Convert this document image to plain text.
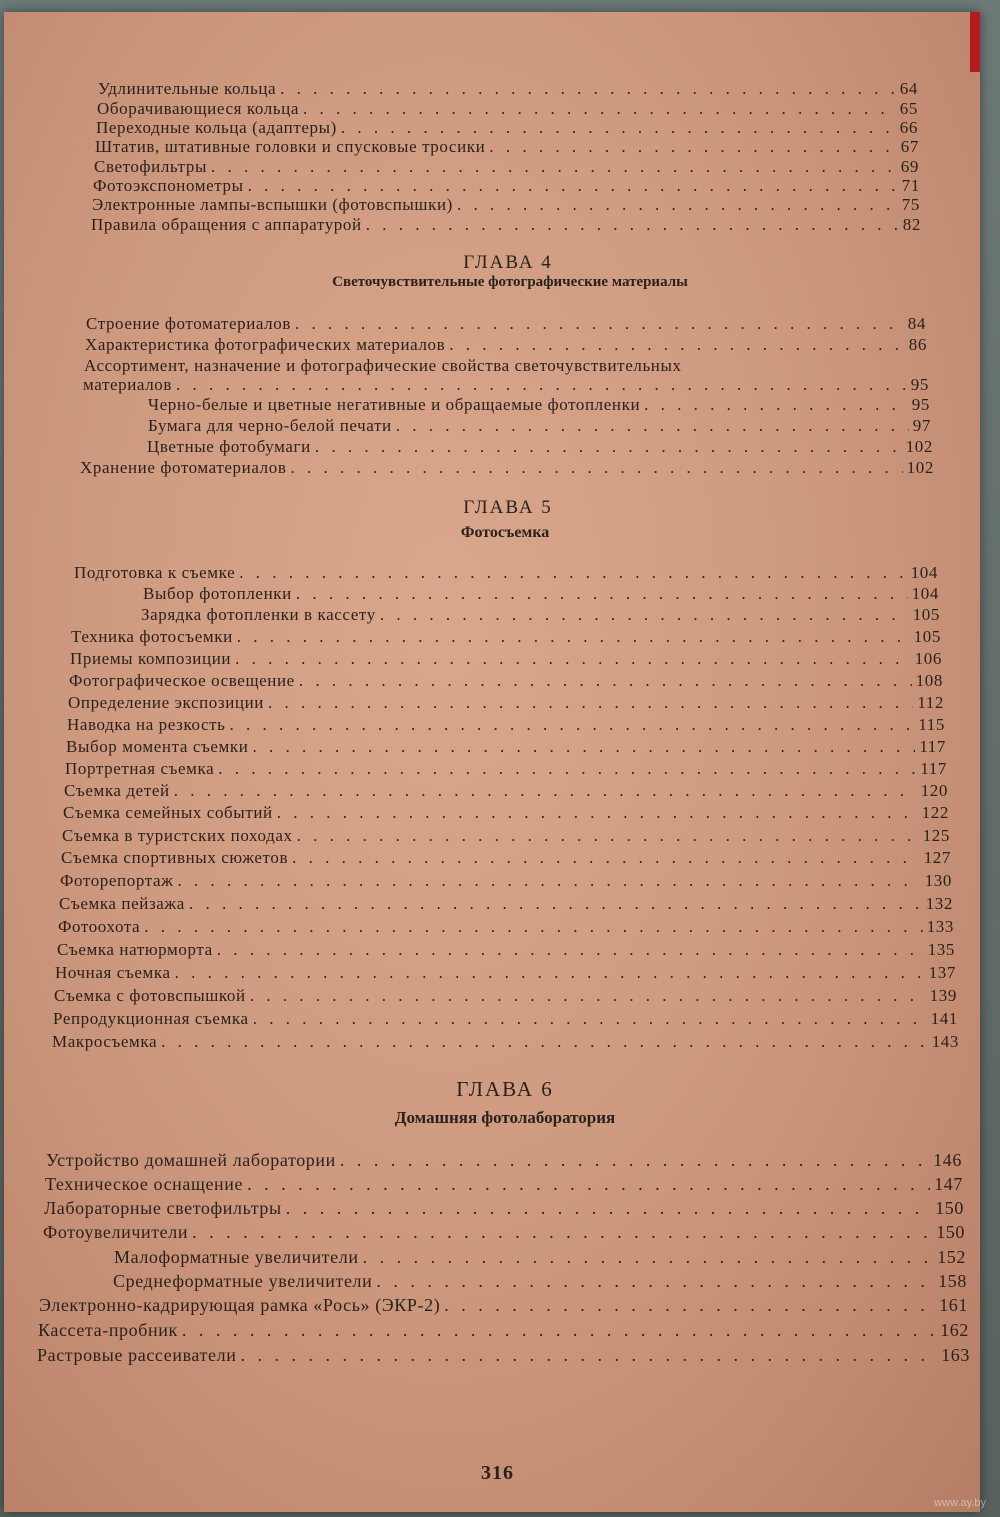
Удлинительные кольца . . .	64
Оборачивающиеся кольца . . .	65
Переходные кольца (адаптеры) . . .	66
Штатив, штативные головки и спусковые тросики . . .	67
Светофильтры . . .	69
Фотоэкспонометры . . .	71
Электронные лампы-вспышки (фотовспышки) . . .	75
Правила обращения с аппаратурой . . .	82
ГЛАВА 4
Светочувствительные фотографические материалы
Строение фотоматериалов . . .	84
Характеристика фотографических материалов . . .	86
Ассортимент, назначение и фотографические свойства светочувствительных
материалов . . .	95
Черно-белые и цветные негативные и обращаемые фотопленки . . .	95
Бумага для черно-белой печати . . .	97
Цветные фотобумаги . . .	102
Хранение фотоматериалов . . .	102
ГЛАВА 5
Фотосъемка
Подготовка к съемке . . .	104
Выбор фотопленки . . .	104
Зарядка фотопленки в кассету . . .	105
Техника фотосъемки . . .	105
Приемы композиции . . .	106
Фотографическое освещение . . .	108
Определение экспозиции . . .	112
Наводка на резкость . . .	115
Выбор момента съемки . . .	117
Портретная съемка . . .	117
Съемка детей . . .	120
Съемка семейных событий . . .	122
Съемка в туристских походах . . .	125
Съемка спортивных сюжетов . . .	127
Фоторепортаж . . .	130
Съемка пейзажа . . .	132
Фотоохота . . .	133
Съемка натюрморта . . .	135
Ночная съемка . . .	137
Съемка с фотовспышкой . . .	139
Репродукционная съемка . . .	141
Макросъемка . . .	143
ГЛАВА 6
Домашняя фотолаборатория
Устройство домашней лаборатории . . .	146
Техническое оснащение . . .	147
Лабораторные светофильтры . . .	150
Фотоувеличители . . .	150
Малоформатные увеличители . . .	152
Среднеформатные увеличители . . .	158
Электронно-кадрирующая рамка «Рось» (ЭКР-2) . . .	161
Кассета-пробник . . .	162
Растровые рассеиватели . . .	163
316
www.ay.by
